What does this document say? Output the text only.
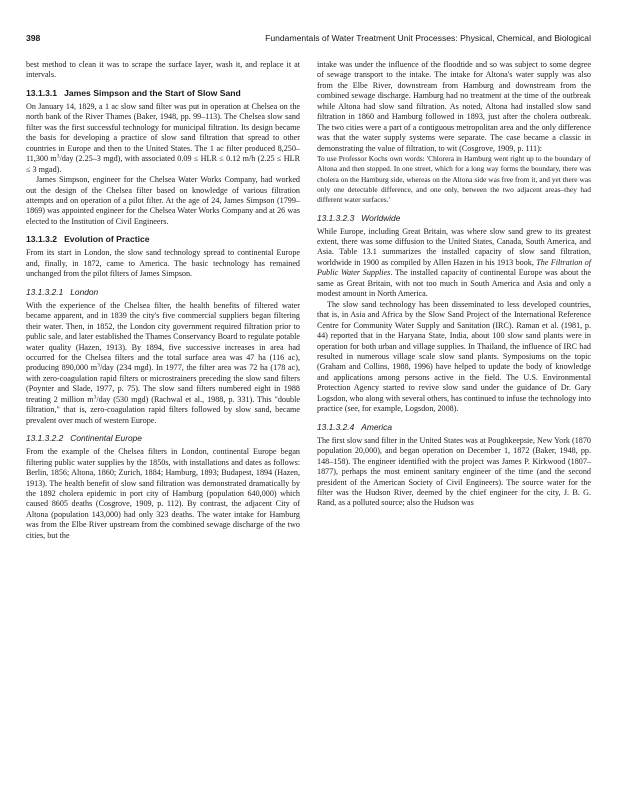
398	Fundamentals of Water Treatment Unit Processes: Physical, Chemical, and Biological

best method to clean it was to scrape the surface layer, wash it, and replace it at intervals.

13.1.3.1 James Simpson and the Start of Slow Sand

On January 14, 1829, a 1 ac slow sand filter was put in operation at Chelsea on the north bank of the River Thames (Baker, 1948, pp. 99–113). The Chelsea slow sand filter was the first successful technology for municipal filtration. Its design became the basis for developing a practice of slow sand filtration that spread to other countries in Europe and then to the United States. The 1 ac filter produced 8,250–11,300 $m^3$/day (2.25–3 mgd), with associated 0.09 ≤ HLR ≤ 0.12 m/h (2.25 ≤ HLR ≤ 3 mgad).

James Simpson, engineer for the Chelsea Water Works Company, had worked out the design of the Chelsea filter based on knowledge of various filtration attempts and on operation of a pilot filter. At the age of 24, James Simpson (1799–1869) was appointed engineer for the Chelsea Water Works Company and at 26 was elected to the Institution of Civil Engineers.

13.1.3.2 Evolution of Practice

From its start in London, the slow sand technology spread to continental Europe and, finally, in 1872, came to America. The basic technology has remained unchanged from the pilot filters of James Simpson.

13.1.3.2.1 London

With the experience of the Chelsea filter, the health benefits of filtered water became apparent, and in 1839 the city's five commercial suppliers began filtering their water. Then, in 1852, the London city government required filtration prior to public sale, and later established the Thames Conservancy Board to regulate potable water quality (Hazen, 1913). By 1894, five successive increases in area had occurred for the Chelsea filters and the total surface area was 47 ha (116 ac), producing 890,000 $m^3$/day (234 mgd). In 1977, the filter area was 72 ha (178 ac), with zero-coagulation rapid filters or microstrainers preceding the slow sand filters (Poynter and Slade, 1977, p. 75). The slow sand filters numbered eight in 1988 treating 2 million $m^3$/day (530 mgd) (Rachwal et al., 1988, p. 331). This "double filtration," that is, zero-coagulation rapid filters followed by slow sand, became prevalent over much of western Europe.

13.1.3.2.2 Continental Europe

From the example of the Chelsea filters in London, continental Europe began filtering public water supplies by the 1850s, with installations and dates as follows: Berlin, 1856; Altona, 1860; Zurich, 1884; Hamburg, 1893; Budapest, 1894 (Hazen, 1913). The health benefit of slow sand filtration was demonstrated dramatically by the 1892 cholera epidemic in port city of Hamburg (population 640,000) which caused 8605 deaths (Cosgrove, 1909, p. 112). By contrast, the adjacent City of Altona (population 143,000) had only 323 deaths. The water intake for Hamburg was from the Elbe River upstream from the combined sewage discharge of the two cities, but the

intake was under the influence of the floodtide and so was subject to some degree of sewage transport to the intake. The intake for Altona's water supply was also from the Elbe River, downstream from Hamburg and downstream from the combined sewage discharge. Hamburg had no treatment at the time of the outbreak while Altona had slow sand filtration. As noted, Altona had installed slow sand filtration in 1860 and Hamburg followed in 1893, just after the cholera outbreak. The two cities were a part of a contiguous metropolitan area and the only difference was that the water supply systems were separate. The case became a classic in demonstrating the value of filtration, to wit (Cosgrove, 1909, p. 111):

To use Professor Kochs own words: 'Chlorera in Hamburg went right up to the boundary of Altona and then stopped. In one street, which for a long way forms the boundary, there was cholera on the Hamburg side, whereas on the Altona side was free from it, and yet there was only one detectable difference, and one only, between the two adjacent areas–they had different water surfaces.'

13.1.3.2.3 Worldwide

While Europe, including Great Britain, was where slow sand grew to its greatest extent, there was some diffusion to the United States, Canada, South America, and Asia. Table 13.1 summarizes the installed capacity of slow sand filtration, worldwide in 1900 as compiled by Allen Hazen in his 1913 book, The Filtration of Public Water Supplies. The installed capacity of continental Europe was about the same as Great Britain, with not too much in South America and Asia and only a modest amount in North America.

The slow sand technology has been disseminated to less developed countries, that is, in Asia and Africa by the Slow Sand Project of the International Reference Centre for Community Water Supply and Sanitation (IRC). Raman et al. (1981, p. 44) reported that in the Haryana State, India, about 100 slow sand plants were in operation for both urban and village supplies. In Thailand, the influence of IRC had resulted in numerous village scale slow sand plants. Symposiums on the topic (Graham and Collins, 1988, 1996) have helped to update the body of knowledge and applications among persons active in the field. The U.S. Environmental Protection Agency started to revive slow sand under the guidance of Dr. Gary Logsdon, who along with several others, has continued to infuse the technology into practice (see, for example, Logsdon, 2008).

13.1.3.2.4 America

The first slow sand filter in the United States was at Poughkeepsie, New York (1870 population 20,000), and began operation on December 1, 1872 (Baker, 1948, pp. 148–158). The engineer identified with the project was James P. Kirkwood (1807–1877), perhaps the most eminent sanitary engineer of the time (and the second president of the American Society of Civil Engineers). The source water for the filter was the Hudson River, deemed by the chief engineer for the city, J. B. G. Rand, as a polluted source; also the Hudson was
